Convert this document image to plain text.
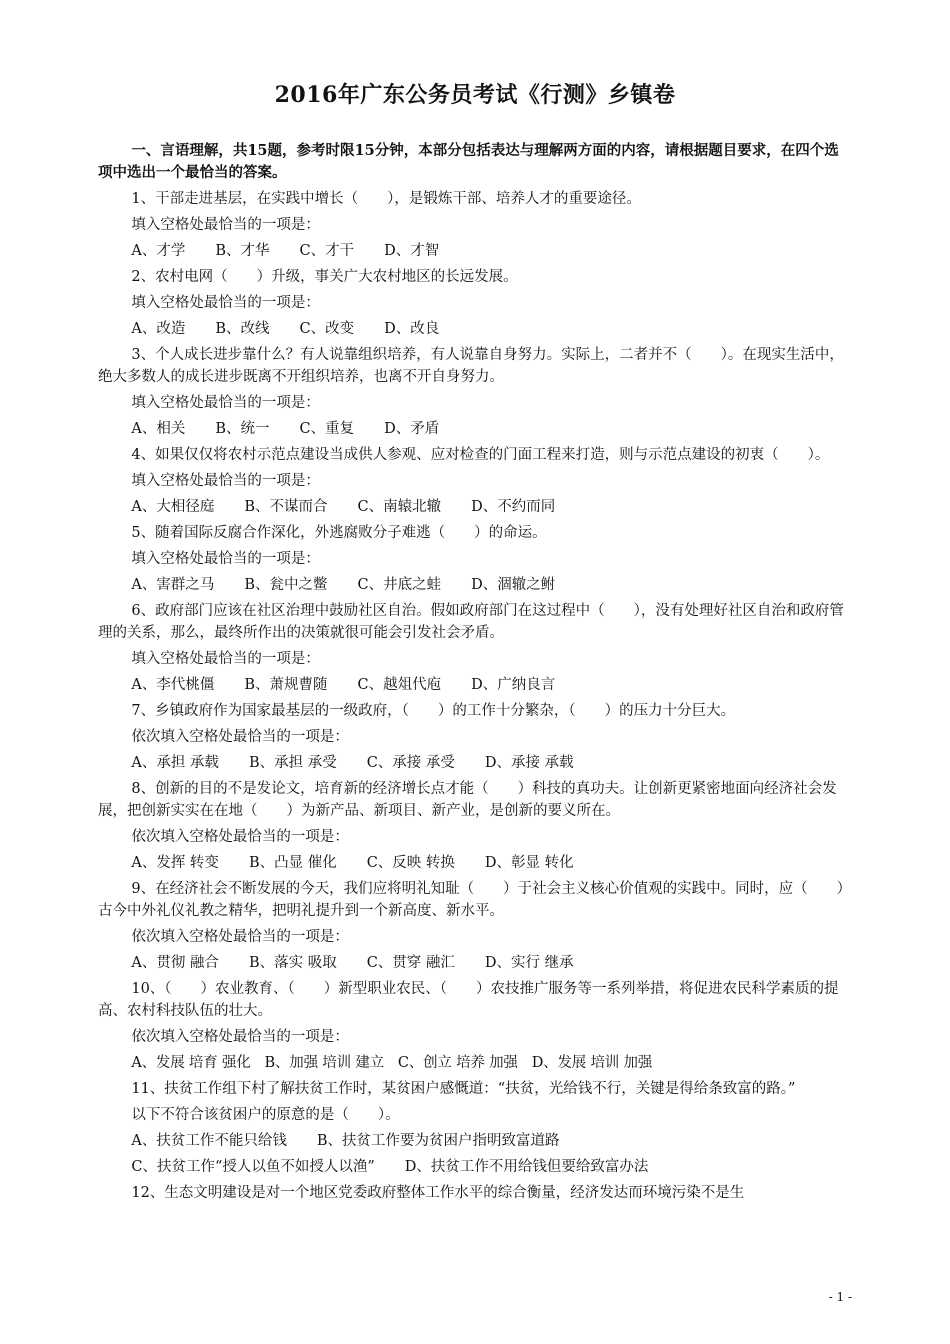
2016年广东公务员考试《行测》乡镇卷

一、言语理解，共15题，参考时限15分钟，本部分包括表达与理解两方面的内容，请根据题目要求，在四个选项中选出一个最恰当的答案。

1、干部走进基层，在实践中增长（　　），是锻炼干部、培养人才的重要途径。

填入空格处最恰当的一项是：

A、才学 B、才华 C、才干 D、才智

2、农村电网（　　）升级，事关广大农村地区的长远发展。

填入空格处最恰当的一项是：

A、改造 B、改线 C、改变 D、改良

3、个人成长进步靠什么？有人说靠组织培养，有人说靠自身努力。实际上，二者并不（　　）。在现实生活中，绝大多数人的成长进步既离不开组织培养，也离不开自身努力。

填入空格处最恰当的一项是：

A、相关 B、统一 C、重复 D、矛盾

4、如果仅仅将农村示范点建设当成供人参观、应对检查的门面工程来打造，则与示范点建设的初衷（　　）。

填入空格处最恰当的一项是：

A、大相径庭 B、不谋而合 C、南辕北辙 D、不约而同

5、随着国际反腐合作深化，外逃腐败分子难逃（　　）的命运。

填入空格处最恰当的一项是：

A、害群之马 B、瓮中之鳖 C、井底之蛙 D、涸辙之鲋

6、政府部门应该在社区治理中鼓励社区自治。假如政府部门在这过程中（　　），没有处理好社区自治和政府管理的关系，那么，最终所作出的决策就很可能会引发社会矛盾。

填入空格处最恰当的一项是：

A、李代桃僵 B、萧规曹随 C、越俎代庖 D、广纳良言

7、乡镇政府作为国家最基层的一级政府，（　　）的工作十分繁杂，（　　）的压力十分巨大。

依次填入空格处最恰当的一项是：

A、承担 承载 B、承担 承受 C、承接 承受 D、承接 承载

8、创新的目的不是发论文，培育新的经济增长点才能（　　）科技的真功夫。让创新更紧密地面向经济社会发展，把创新实实在在地（　　）为新产品、新项目、新产业，是创新的要义所在。

依次填入空格处最恰当的一项是：

A、发挥 转变 B、凸显 催化 C、反映 转换 D、彰显 转化

9、在经济社会不断发展的今天，我们应将明礼知耻（　　）于社会主义核心价值观的实践中。同时，应（　　）古今中外礼仪礼教之精华，把明礼提升到一个新高度、新水平。

依次填入空格处最恰当的一项是：

A、贯彻 融合 B、落实 吸取 C、贯穿 融汇 D、实行 继承

10、（　　）农业教育、（　　）新型职业农民、（　　）农技推广服务等一系列举措，将促进农民科学素质的提高、农村科技队伍的壮大。

依次填入空格处最恰当的一项是：

A、发展 培育 强化 B、加强 培训 建立 C、创立 培养 加强 D、发展 培训 加强

11、扶贫工作组下村了解扶贫工作时，某贫困户感慨道：“扶贫，光给钱不行，关键是得给条致富的路。”

以下不符合该贫困户的原意的是（　　）。

A、扶贫工作不能只给钱 B、扶贫工作要为贫困户指明致富道路

C、扶贫工作“授人以鱼不如授人以渔” D、扶贫工作不用给钱但要给致富办法

12、生态文明建设是对一个地区党委政府整体工作水平的综合衡量，经济发达而环境污染不是生

- 1 -
